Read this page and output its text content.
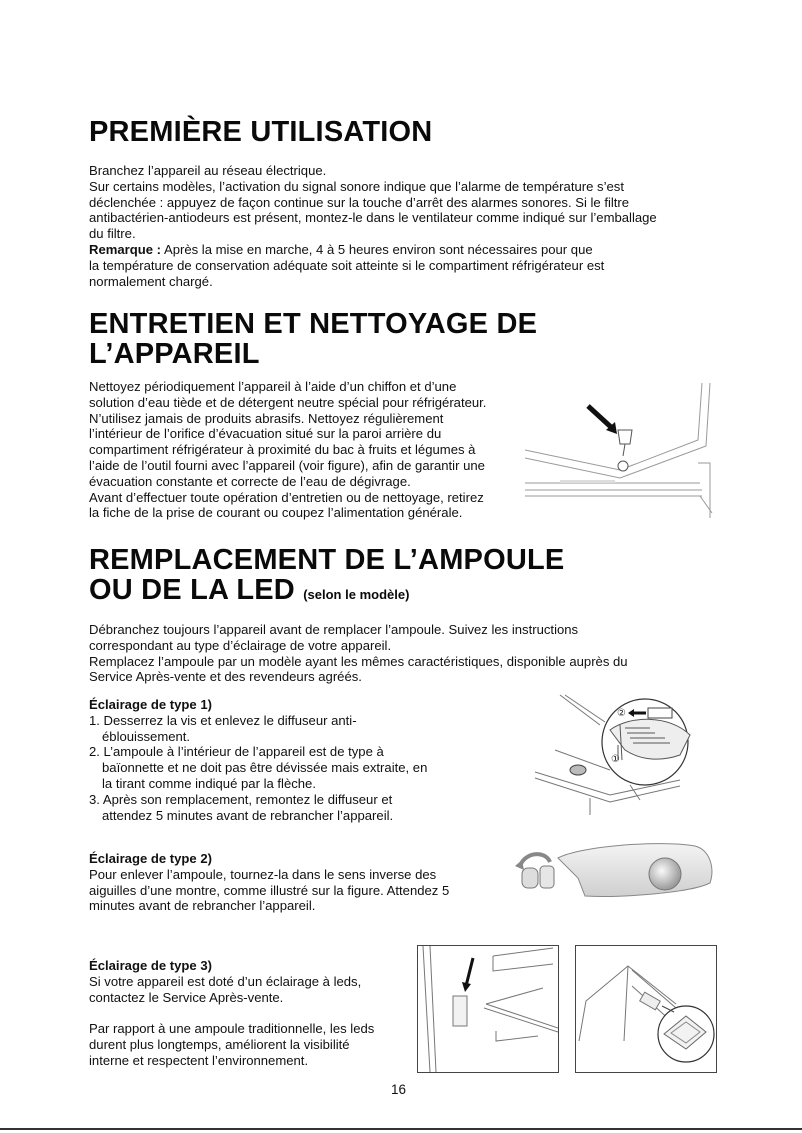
PREMIÈRE UTILISATION
Branchez l’appareil au réseau électrique.
Sur certains modèles, l’activation du signal sonore indique que l’alarme de température s’est
déclenchée : appuyez de façon continue sur la touche d’arrêt des alarmes sonores. Si le filtre
antibactérien-antiodeurs est présent, montez-le dans le ventilateur comme indiqué sur l’emballage
du filtre.
Remarque : Après la mise en marche, 4 à 5 heures environ sont nécessaires pour que
la température de conservation adéquate soit atteinte si le compartiment réfrigérateur est
normalement chargé.
ENTRETIEN ET NETTOYAGE DE
L’APPAREIL
Nettoyez périodiquement l’appareil à l’aide d’un chiffon et d’une
solution d’eau tiède et de détergent neutre spécial pour réfrigérateur.
N’utilisez jamais de produits abrasifs. Nettoyez régulièrement
l’intérieur de l’orifice d’évacuation situé sur la paroi arrière du
compartiment réfrigérateur à proximité du bac à fruits et légumes à
l’aide de l’outil fourni avec l’appareil (voir figure), afin de garantir une
évacuation constante et correcte de l’eau de dégivrage.
Avant d’effectuer toute opération d’entretien ou de nettoyage, retirez
la fiche de la prise de courant ou coupez l’alimentation générale.
REMPLACEMENT DE L’AMPOULE
OU DE LA LED (selon le modèle)
Débranchez toujours l’appareil avant de remplacer l’ampoule. Suivez les instructions
correspondant au type d’éclairage de votre appareil.
Remplacez l’ampoule par un modèle ayant les mêmes caractéristiques, disponible auprès du
Service Après-vente et des revendeurs agréés.
Éclairage de type 1)
1. Desserrez la vis et enlevez le diffuseur anti-
éblouissement.
2. L’ampoule à l’intérieur de l’appareil est de type à
baïonnette et ne doit pas être dévissée mais extraite, en
la tirant comme indiqué par la flèche.
3. Après son remplacement, remontez le diffuseur et
attendez 5 minutes avant de rebrancher l’appareil.
②
①
Éclairage de type 2)
Pour enlever l’ampoule, tournez-la dans le sens inverse des
aiguilles d’une montre, comme illustré sur la figure. Attendez 5
minutes avant de rebrancher l’appareil.
Éclairage de type 3)
Si votre appareil est doté d’un éclairage à leds,
contactez le Service Après-vente.
Par rapport à une ampoule traditionnelle, les leds
durent plus longtemps, améliorent la visibilité
interne et respectent l’environnement.
16
